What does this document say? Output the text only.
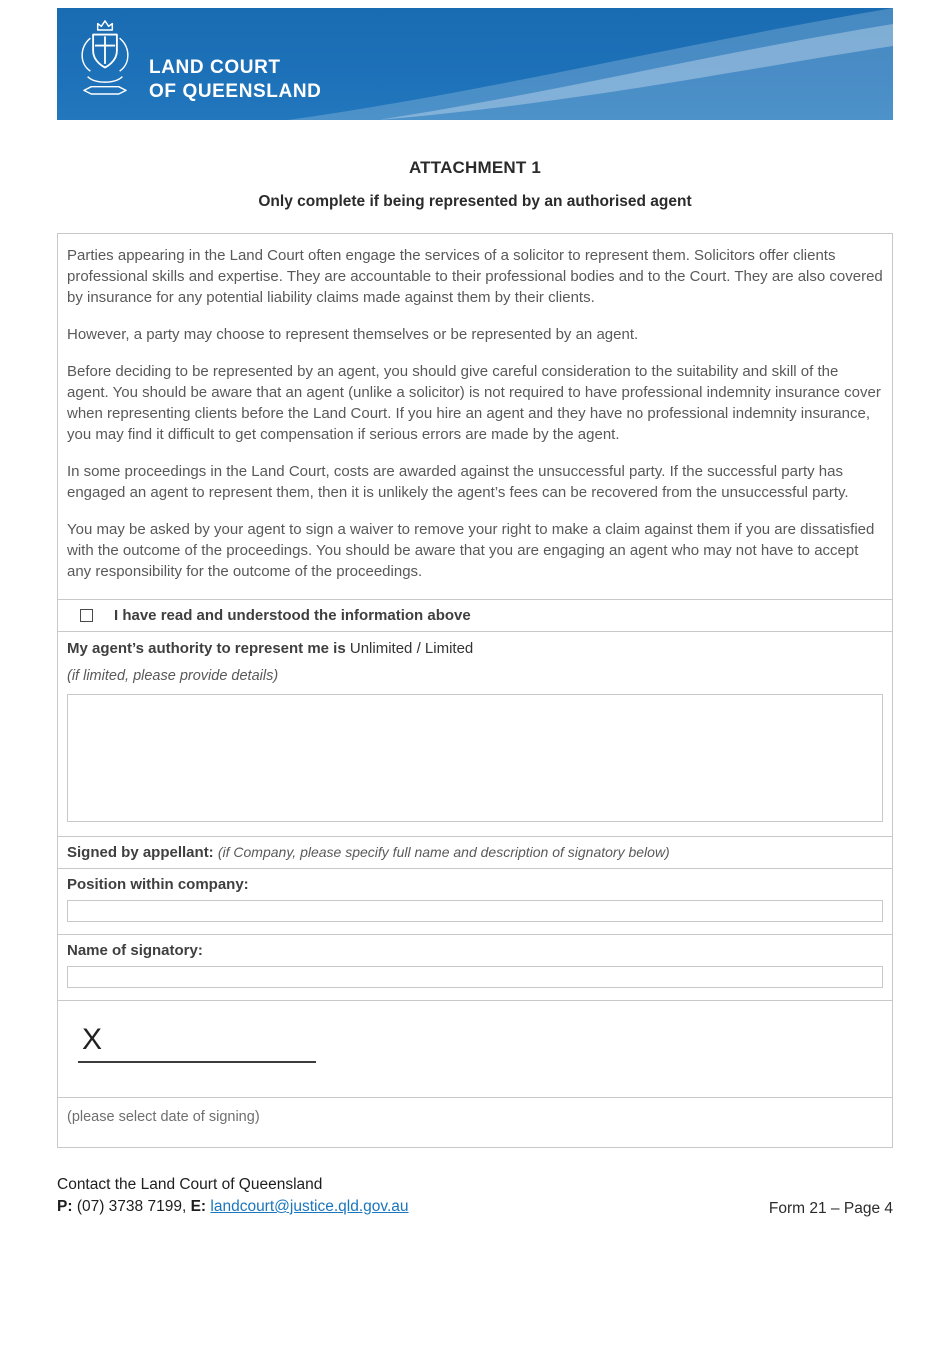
LAND COURT
OF QUEENSLAND
ATTACHMENT 1
Only complete if being represented by an authorised agent

Parties appearing in the Land Court often engage the services of a solicitor to represent them. Solicitors offer clients professional skills and expertise. They are accountable to their professional bodies and to the Court. They are also covered by insurance for any potential liability claims made against them by their clients.

However, a party may choose to represent themselves or be represented by an agent.

Before deciding to be represented by an agent, you should give careful consideration to the suitability and skill of the agent. You should be aware that an agent (unlike a solicitor) is not required to have professional indemnity insurance cover when representing clients before the Land Court. If you hire an agent and they have no professional indemnity insurance, you may find it difficult to get compensation if serious errors are made by the agent.

In some proceedings in the Land Court, costs are awarded against the unsuccessful party. If the successful party has engaged an agent to represent them, then it is unlikely the agent’s fees can be recovered from the unsuccessful party.

You may be asked by your agent to sign a waiver to remove your right to make a claim against them if you are dissatisfied with the outcome of the proceedings. You should be aware that you are engaging an agent who may not have to accept any responsibility for the outcome of the proceedings.

I have read and understood the information above
My agent’s authority to represent me is Unlimited / Limited
(if limited, please provide details)
Signed by appellant: (if Company, please specify full name and description of signatory below)
Position within company:
Name of signatory:
X
(please select date of signing)
Contact the Land Court of Queensland
P: (07) 3738 7199, E: landcourt@justice.qld.gov.au	Form 21 – Page 4
